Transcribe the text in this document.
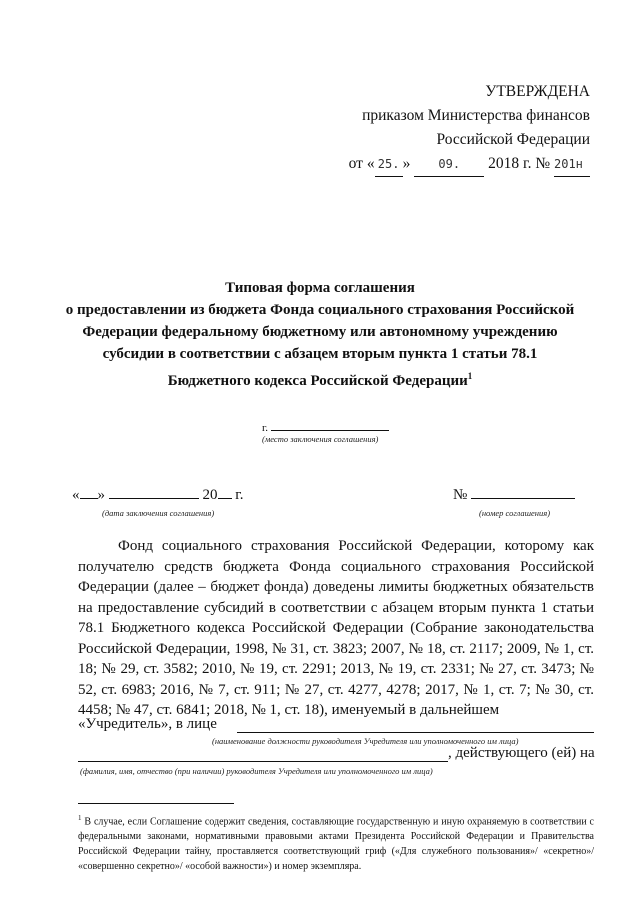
УТВЕРЖДЕНА
приказом Министерства финансов
Российской Федерации
от « 25. » 09. 2018 г. № 201н
Типовая форма соглашения
о предоставлении из бюджета Фонда социального страхования Российской
Федерации федеральному бюджетному или автономному учреждению
субсидии в соответствии с абзацем вторым пункта 1 статьи 78.1
Бюджетного кодекса Российской Федерации$^1$
г.
(место заключения соглашения)
« »	20 г.
(дата заключения соглашения)
№
(номер соглашения)
Фонд социального страхования Российской Федерации, которому как получателю средств бюджета Фонда социального страхования Российской Федерации (далее – бюджет фонда) доведены лимиты бюджетных обязательств на предоставление субсидий в соответствии с абзацем вторым пункта 1 статьи 78.1 Бюджетного кодекса Российской Федерации (Собрание законодательства Российской Федерации, 1998, № 31, ст. 3823; 2007, № 18, ст. 2117; 2009, № 1, ст. 18; № 29, ст. 3582; 2010, № 19, ст. 2291; 2013, № 19, ст. 2331; № 27, ст. 3473; № 52, ст. 6983; 2016, № 7, ст. 911; № 27, ст. 4277, 4278; 2017, № 1, ст. 7; № 30, ст. 4458; № 47, ст. 6841; 2018, № 1, ст. 18), именуемый в дальнейшем
«Учредитель», в лице
(наименование должности руководителя Учредителя или уполномоченного им лица)
, действующего (ей) на
(фамилия, имя, отчество (при наличии) руководителя Учредителя или уполномоченного им лица)
$^1$ В случае, если Соглашение содержит сведения, составляющие государственную и иную охраняемую в соответствии с федеральными законами, нормативными правовыми актами Президента Российской Федерации и Правительства Российской Федерации тайну, проставляется соответствующий гриф («Для служебного пользования»/ «секретно»/ «совершенно секретно»/ «особой важности») и номер экземпляра.
